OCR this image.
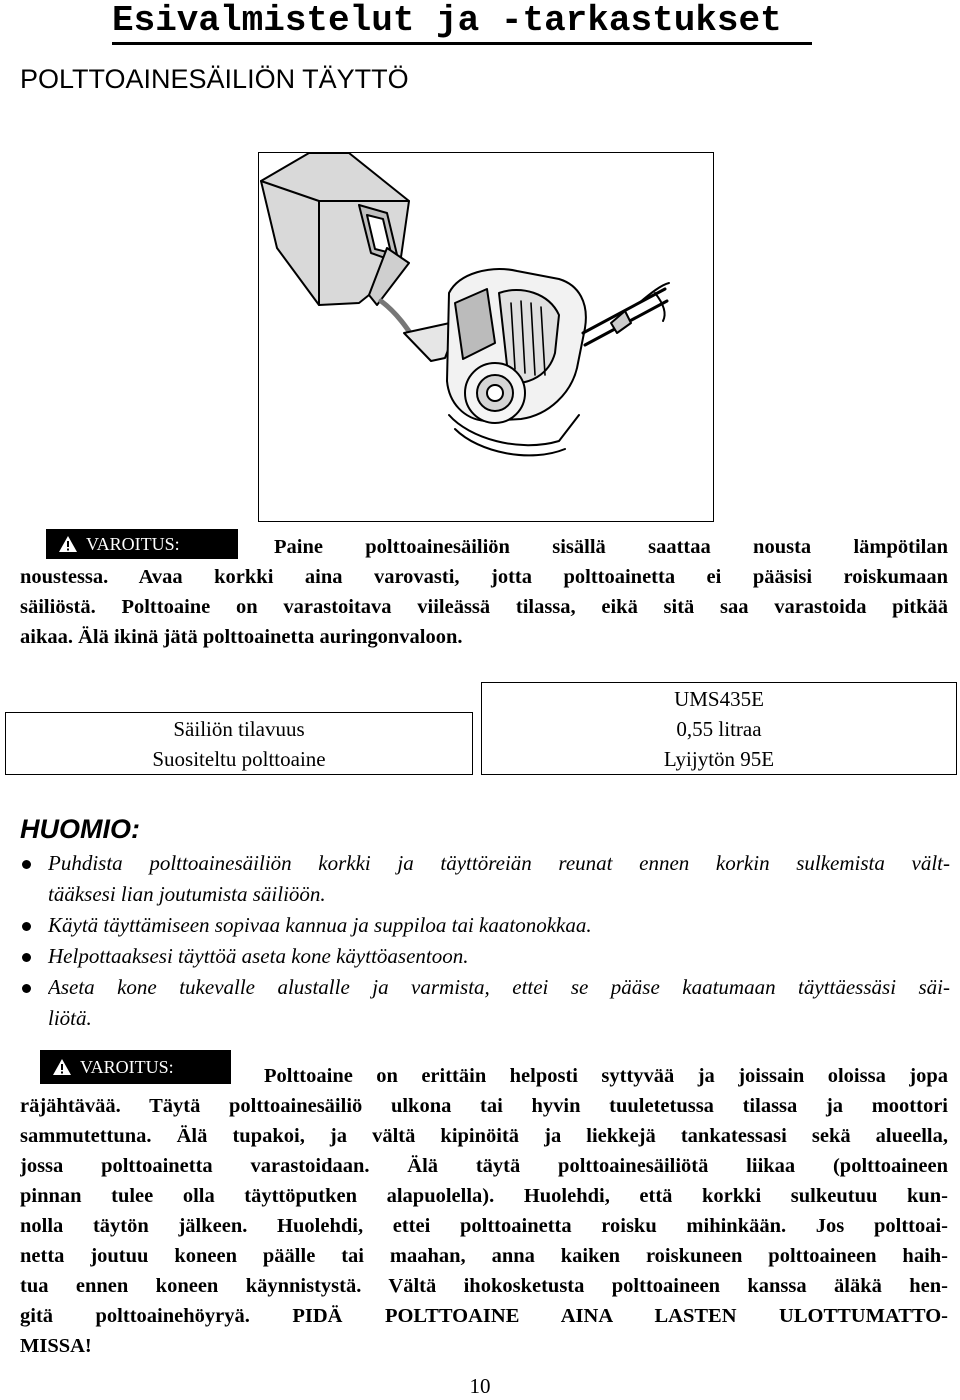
Esivalmistelut ja -tarkastukset
POLTTOAINESÄILIÖN TÄYTTÖ
VAROITUS:	Paine polttoainesäiliön sisällä saattaa nousta lämpötilan
noustessa. Avaa korkki aina varovasti, jotta polttoainetta ei pääsisi roiskumaan
säiliöstä. Polttoaine on varastoitava viileässä tilassa, eikä sitä saa varastoida pitkää
aikaa. Älä ikinä jätä polttoainetta auringonvaloon.
Säiliön tilavuus
Suositeltu polttoaine
UMS435E
0,55 litraa
Lyijytön 95E
HUOMIO:
Puhdista polttoainesäiliön korkki ja täyttöreiän reunat ennen korkin sulkemista vält-
tääksesi lian joutumista säiliöön.
Käytä täyttämiseen sopivaa kannua ja suppiloa tai kaatonokkaa.
Helpottaaksesi täyttöä aseta kone käyttöasentoon.
Aseta kone tukevalle alustalle ja varmista, ettei se pääse kaatumaan täyttäessäsi säi-
liötä.
VAROITUS:	Polttoaine on erittäin helposti syttyvää ja joissain oloissa jopa
räjähtävää. Täytä polttoainesäiliö ulkona tai hyvin tuuletetussa tilassa ja moottori
sammutettuna. Älä tupakoi, ja vältä kipinöitä ja liekkejä tankatessasi sekä alueella,
jossa polttoainetta varastoidaan. Älä täytä polttoainesäiliötä liikaa (polttoaineen
pinnan tulee olla täyttöputken alapuolella). Huolehdi, että korkki sulkeutuu kun-
nolla täytön jälkeen. Huolehdi, ettei polttoainetta roisku mihinkään. Jos polttoai-
netta joutuu koneen päälle tai maahan, anna kaiken roiskuneen polttoaineen haih-
tua ennen koneen käynnistystä. Vältä ihokosketusta polttoaineen kanssa äläkä hen-
gitä polttoainehöyryä. PIDÄ POLTTOAINE AINA LASTEN ULOTTUMATTO-
MISSA!
10
